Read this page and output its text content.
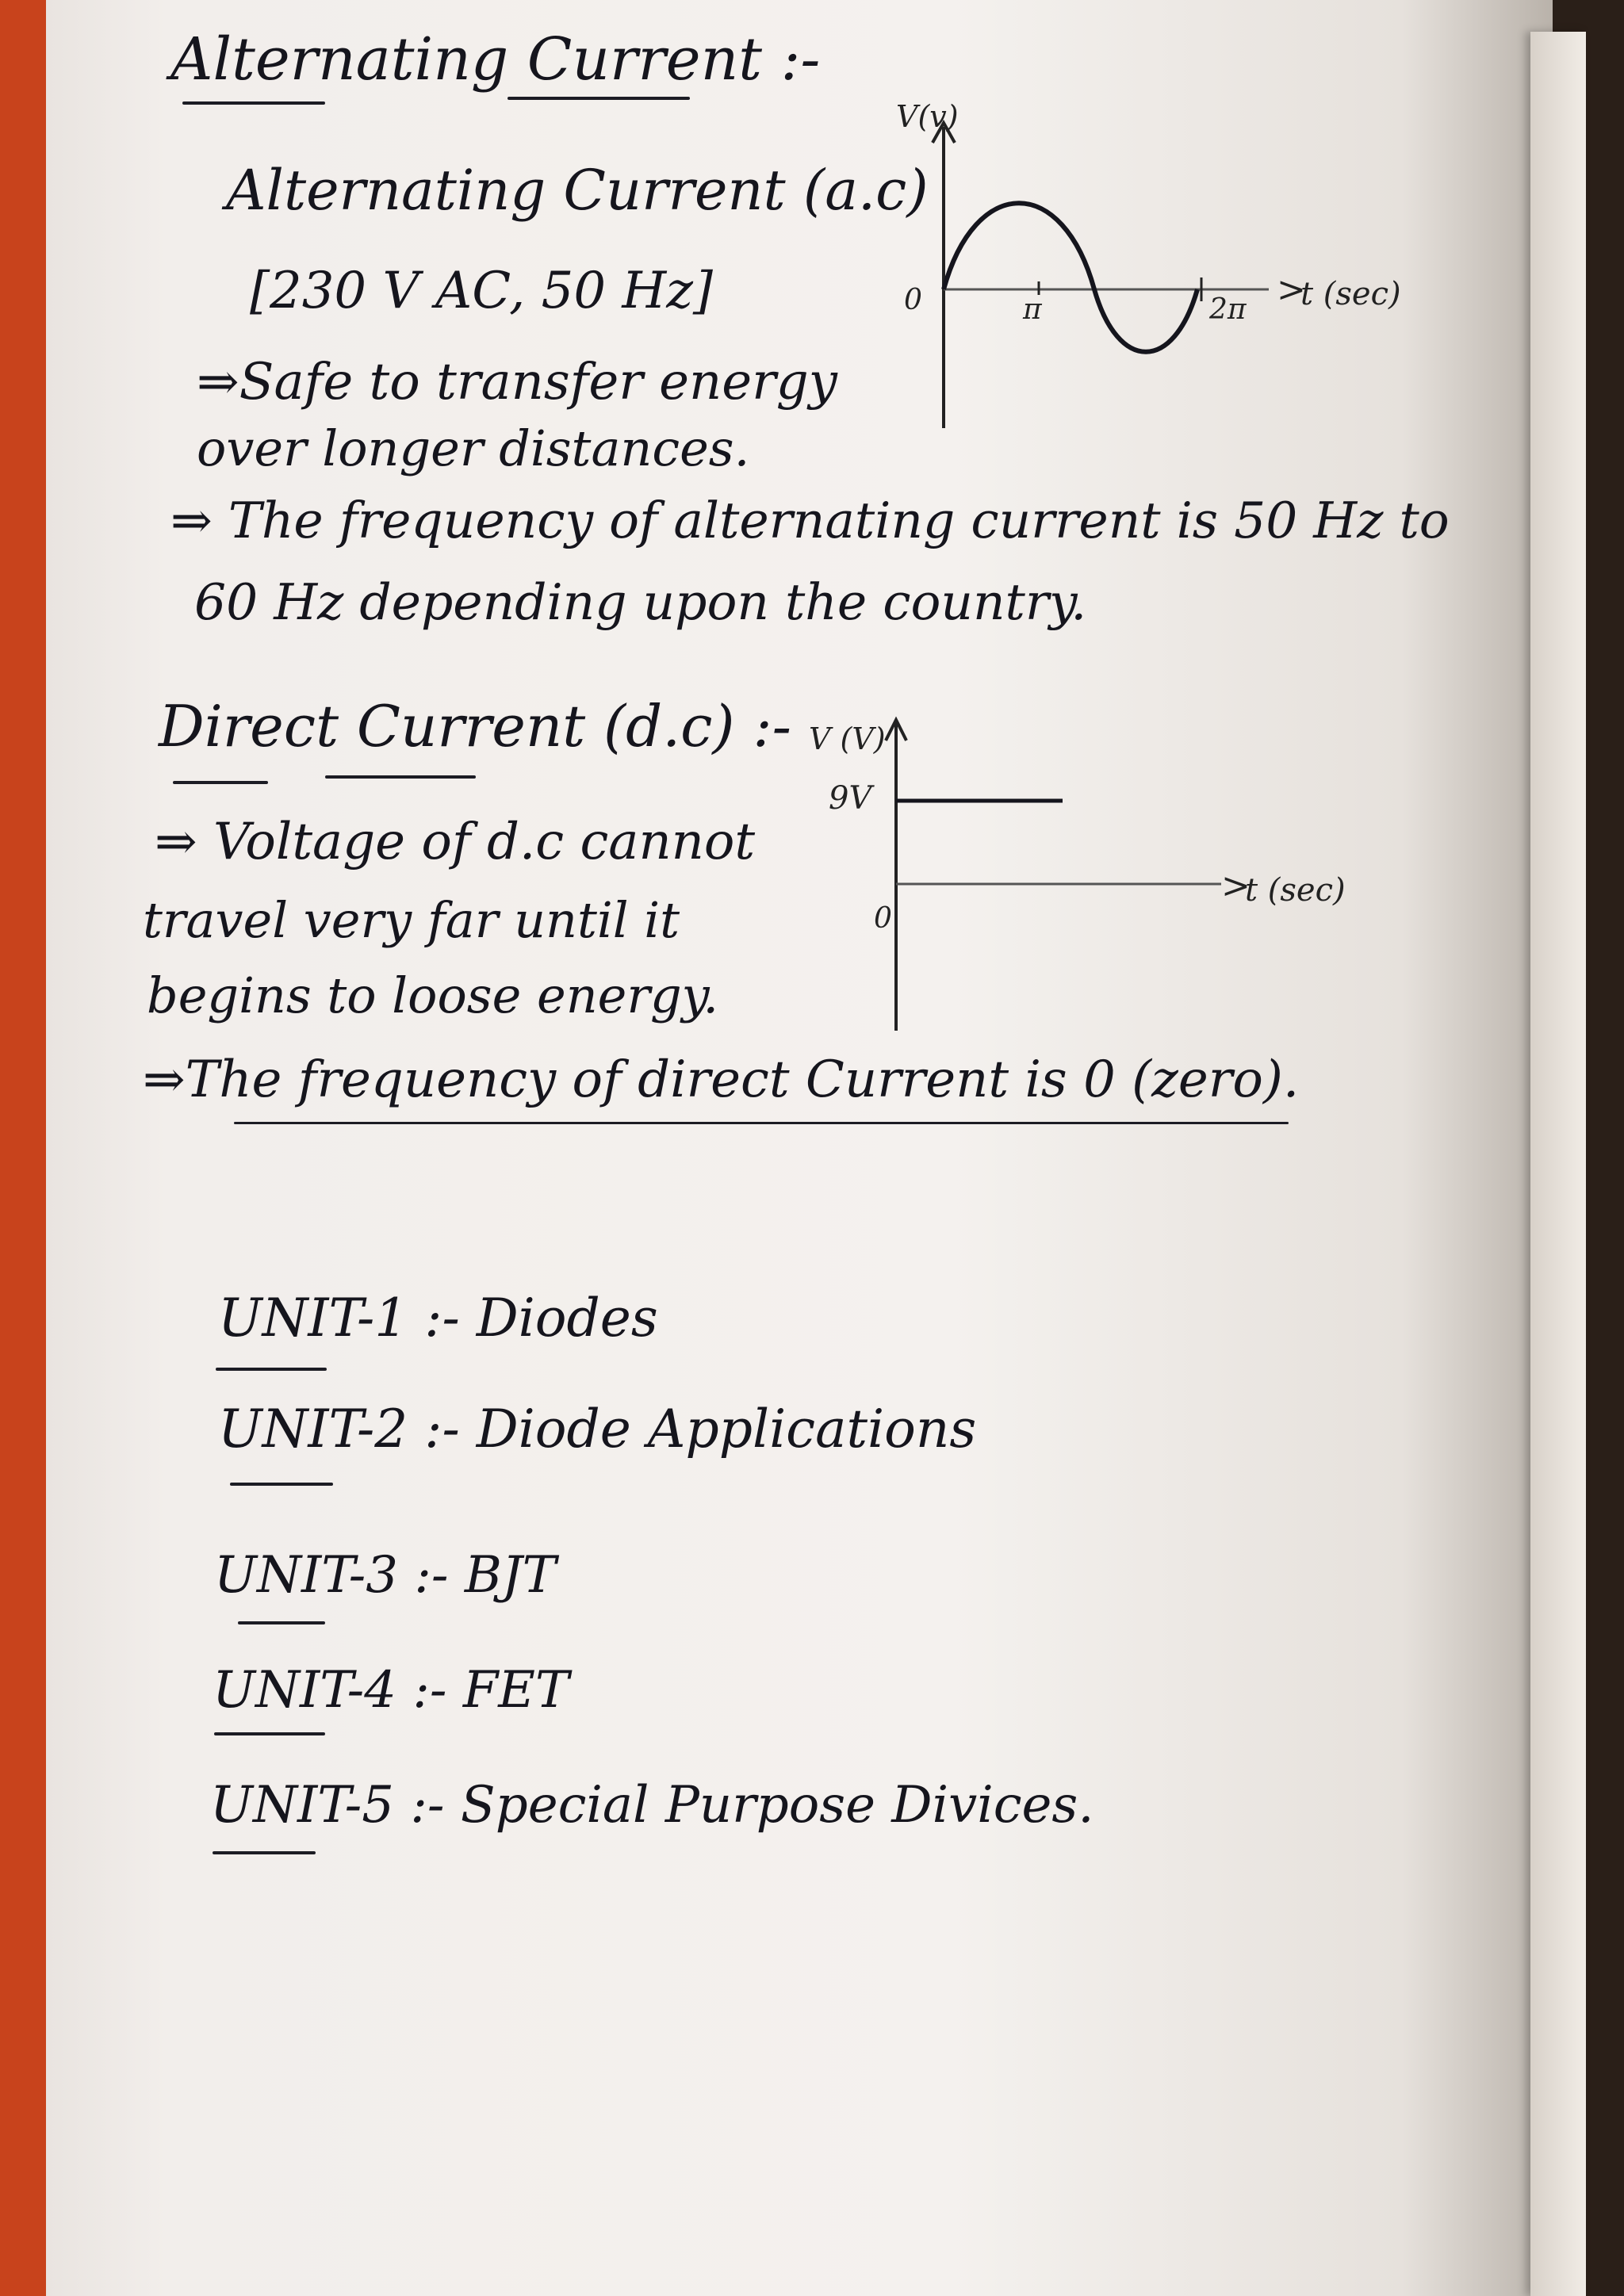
Alternating Current :-
Alternating Current (a.c)
[230 V AC, 50 Hz]
⇒Safe to transfer energy
over longer distances.
⇒ The frequency of alternating current is 50 Hz to
60 Hz depending upon the country.
V(v)
0	π	2π >
t (sec)
Direct Current (d.c) :-
⇒ Voltage of d.c cannot
travel very far until it
begins to loose energy.
⇒The frequency of direct Current is 0 (zero).
V (V)
9V
0
>
t (sec)
UNIT-1 :- Diodes
UNIT-2 :- Diode Applications
UNIT-3 :- BJT
UNIT-4 :- FET
UNIT-5 :- Special Purpose Divices.
